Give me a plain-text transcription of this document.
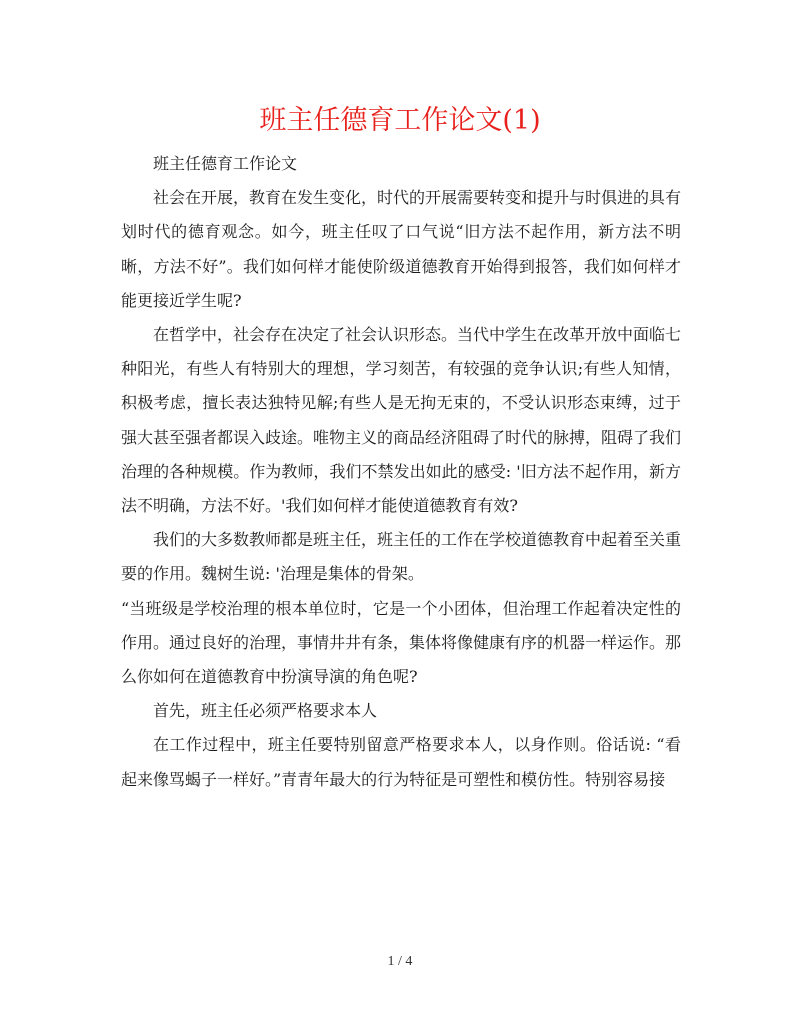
班主任德育工作论文(1)

班主任德育工作论文

社会在开展，教育在发生变化，时代的开展需要转变和提升与时俱进的具有划时代的德育观念。如今，班主任叹了口气说“旧方法不起作用，新方法不明晰，方法不好”。我们如何样才能使阶级道德教育开始得到报答，我们如何样才能更接近学生呢?

在哲学中，社会存在决定了社会认识形态。当代中学生在改革开放中面临七种阳光，有些人有特别大的理想，学习刻苦，有较强的竞争认识;有些人知情，积极考虑，擅长表达独特见解;有些人是无拘无束的，不受认识形态束缚，过于强大甚至强者都误入歧途。唯物主义的商品经济阻碍了时代的脉搏，阻碍了我们治理的各种规模。作为教师，我们不禁发出如此的感受: '旧方法不起作用，新方法不明确，方法不好。'我们如何样才能使道德教育有效?

我们的大多数教师都是班主任，班主任的工作在学校道德教育中起着至关重要的作用。魏树生说: '治理是集体的骨架。

“当班级是学校治理的根本单位时，它是一个小团体，但治理工作起着决定性的作用。通过良好的治理，事情井井有条，集体将像健康有序的机器一样运作。那么你如何在道德教育中扮演导演的角色呢?

首先，班主任必须严格要求本人

在工作过程中，班主任要特别留意严格要求本人，以身作则。俗话说: “看起来像骂蝎子一样好。”青青年最大的行为特征是可塑性和模仿性。特别容易接

1 / 4
